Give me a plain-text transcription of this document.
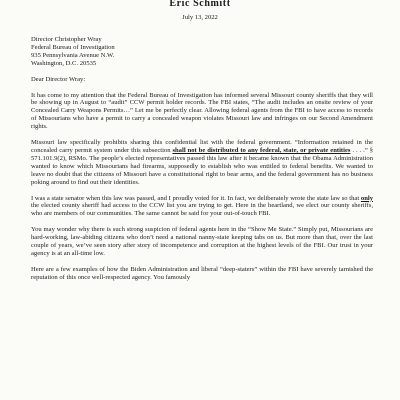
Eric Schmitt
July 13, 2022
Director Christopher Wray
Federal Bureau of Investigation
935 Pennsylvania Avenue N.W.
Washington, D.C. 20535
Dear Director Wray:

It has come to my attention that the Federal Bureau of Investigation has informed several Missouri county sheriffs that they will be showing up in August to “audit” CCW permit holder records. The FBI states, “The audit includes an onsite review of your Concealed Carry Weapons Permits…” Let me be perfectly clear. Allowing federal agents from the FBI to have access to records of Missourians who have a permit to carry a concealed weapon violates Missouri law and infringes on our Second Amendment rights.

Missouri law specifically prohibits sharing this confidential list with the federal government. “Information retained in the concealed carry permit system under this subsection shall not be distributed to any federal, state, or private entities . . . .” § 571.101.9(2), RSMo. The people’s elected representatives passed this law after it became known that the Obama Administration wanted to know which Missourians had firearms, supposedly to establish who was entitled to federal benefits. We wanted to leave no doubt that the citizens of Missouri have a constitutional right to bear arms, and the federal government has no business poking around to find out their identities.

I was a state senator when this law was passed, and I proudly voted for it. In fact, we deliberately wrote the state law so that only the elected county sheriff had access to the CCW list you are trying to get. Here in the heartland, we elect our county sheriffs, who are members of our communities. The same cannot be said for your out-of-touch FBI.

You may wonder why there is such strong suspicion of federal agents here in the “Show Me State.” Simply put, Missourians are hard-working, law-abiding citizens who don’t need a national nanny-state keeping tabs on us. But more than that, over the last couple of years, we’ve seen story after story of incompetence and corruption at the highest levels of the FBI. Our trust in your agency is at an all-time low.

Here are a few examples of how the Biden Administration and liberal “deep-staters” within the FBI have severely tarnished the reputation of this once well-respected agency. You famously
